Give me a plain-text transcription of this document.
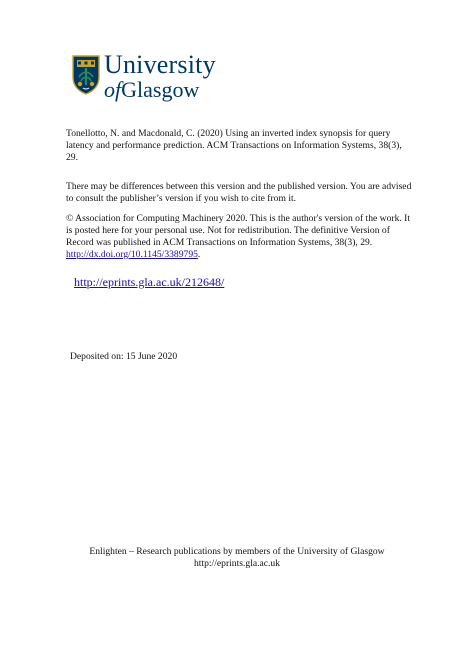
University
ofGlasgow

Tonellotto, N. and Macdonald, C. (2020) Using an inverted index synopsis for query latency and performance prediction. ACM Transactions on Information Systems, 38(3), 29.

There may be differences between this version and the published version. You are advised to consult the publisher’s version if you wish to cite from it.

© Association for Computing Machinery 2020. This is the author's version of the work. It is posted here for your personal use. Not for redistribution. The definitive Version of Record was published in ACM Transactions on Information Systems, 38(3), 29. http://dx.doi.org/10.1145/3389795.

http://eprints.gla.ac.uk/212648/
Deposited on: 15 June 2020
Enlighten – Research publications by members of the University of Glasgow
http://eprints.gla.ac.uk
